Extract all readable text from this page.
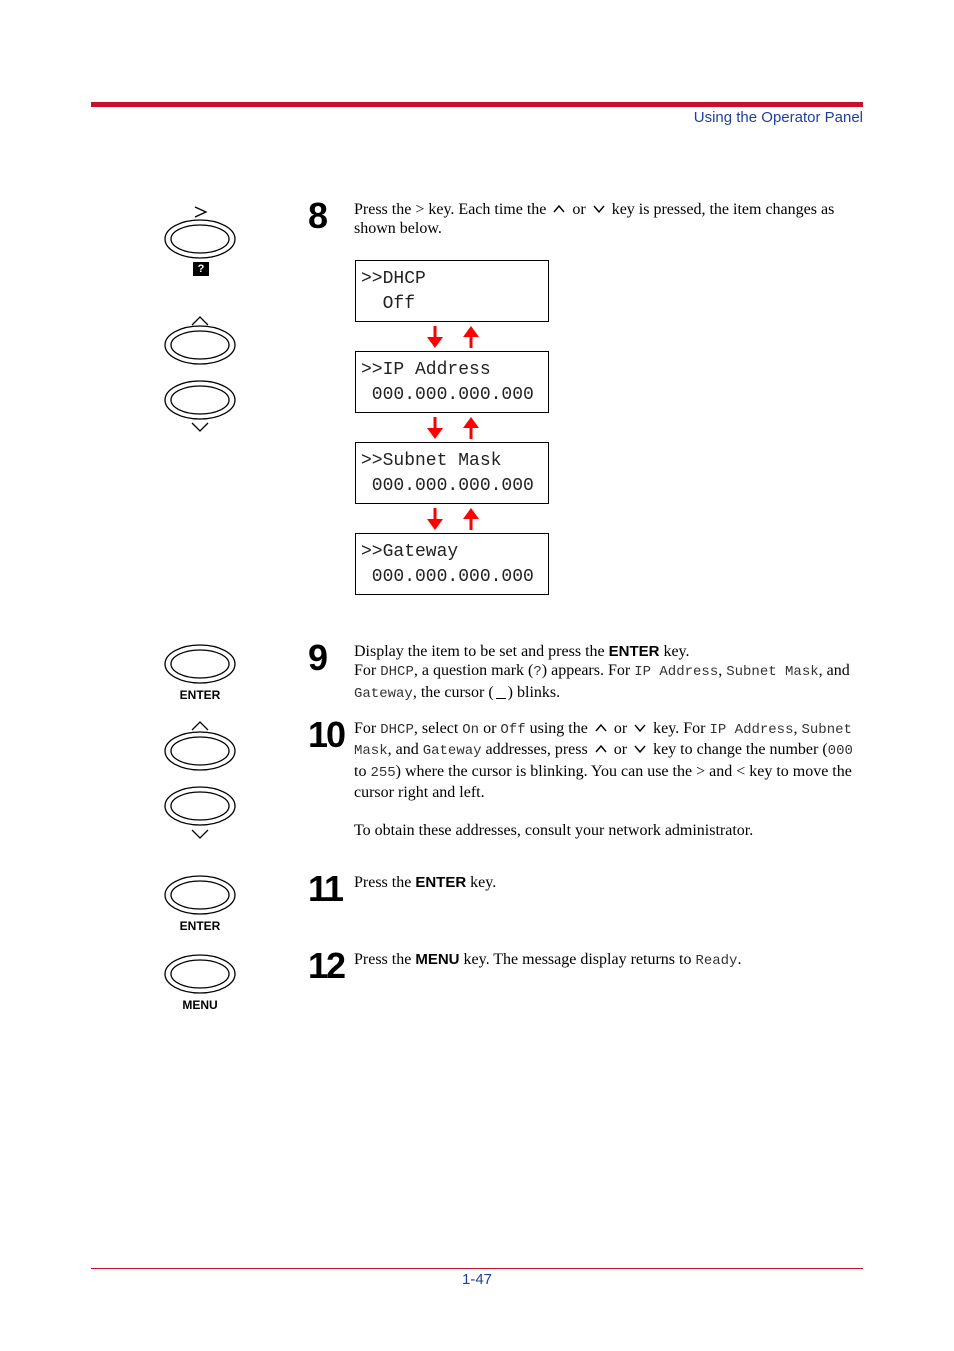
Using the Operator Panel
?
ENTER
ENTER
MENU
8 Press the > key. Each time the or key is pressed, the item changes as shown below.
>>DHCP
Off
>>IP Address
000.000.000.000
>>Subnet Mask
000.000.000.000
>>Gateway
000.000.000.000
9 Display the item to be set and press the ENTER key.
For DHCP, a question mark (?) appears. For IP Address, Subnet Mask, and Gateway, the cursor ( ) blinks.
10 For DHCP, select On or Off using the or key. For IP Address, Subnet Mask, and Gateway addresses, press or key to change the number (000 to 255) where the cursor is blinking. You can use the > and < key to move the cursor right and left.
To obtain these addresses, consult your network administrator.
11 Press the ENTER key.
12 Press the MENU key. The message display returns to Ready.
1-47
